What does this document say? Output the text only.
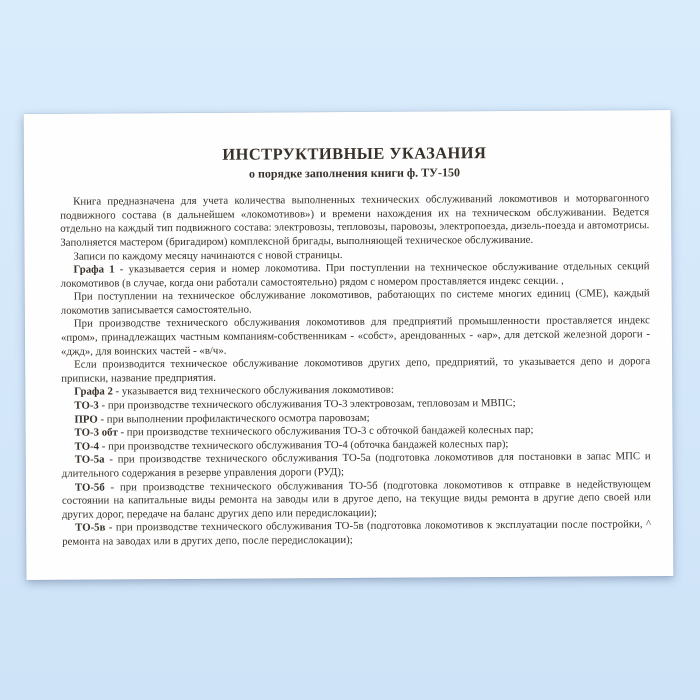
ИНСТРУКТИВНЫЕ УКАЗАНИЯ
о порядке заполнения книги ф. ТУ-150

Книга предназначена для учета количества выполненных технических обслуживаний локомотивов и моторвагонного подвижного состава (в дальнейшем «локомотивов») и времени нахождения их на техническом обслуживании. Ведется отдельно на каждый тип подвижного состава: электровозы, тепловозы, паровозы, электропоезда, дизель-поезда и автомотрисы. Заполняется мастером (бригадиром) комплексной бригады, выполняющей техническое обслуживание.

Записи по каждому месяцу начинаются с новой страницы.

Графа 1 - указывается серия и номер локомотива. При поступлении на техническое обслуживание отдельных секций локомотивов (в случае, когда они работали самостоятельно) рядом с номером проставляется индекс секции. ,

При поступлении на техническое обслуживание локомотивов, работающих по системе многих единиц (СМЕ), каждый локомотив записывается самостоятельно.

При производстве технического обслуживания локомотивов для предприятий промышленности проставляется индекс «пром», принадлежащих частным компаниям-собственникам - «собст», арендованных - «ар», для детской железной дороги - «джд», для воинских частей - «в/ч».

Если производится техническое обслуживание локомотивов других депо, предприятий, то указывается депо и дорога приписки, название предприятия.

Графа 2 - указывается вид технического обслуживания локомотивов:

ТО-3 - при производстве технического обслуживания ТО-3 электровозам, тепловозам и МВПС;

ПРО - при выполнении профилактического осмотра паровозам;

ТО-3 обт - при производстве технического обслуживания ТО-3 с обточкой бандажей колесных пар;

ТО-4 - при производстве технического обслуживания ТО-4 (обточка бандажей колесных пар);

ТО-5а - при производстве технического обслуживания ТО-5а (подготовка локомотивов для постановки в запас МПС и длительного содержания в резерве управления дороги (РУД);

ТО-5б - при производстве технического обслуживания ТО-5б (подготовка локомотивов к отправке в недействующем состоянии на капитальные виды ремонта на заводы или в другое депо, на текущие виды ремонта в другие депо своей или других дорог, передаче на баланс других депо или передислокации);

ТО-5в - при производстве технического обслуживания ТО-5в (подготовка локомотивов к эксплуатации после постройки, ^ ремонта на заводах или в других депо, после передислокации);
